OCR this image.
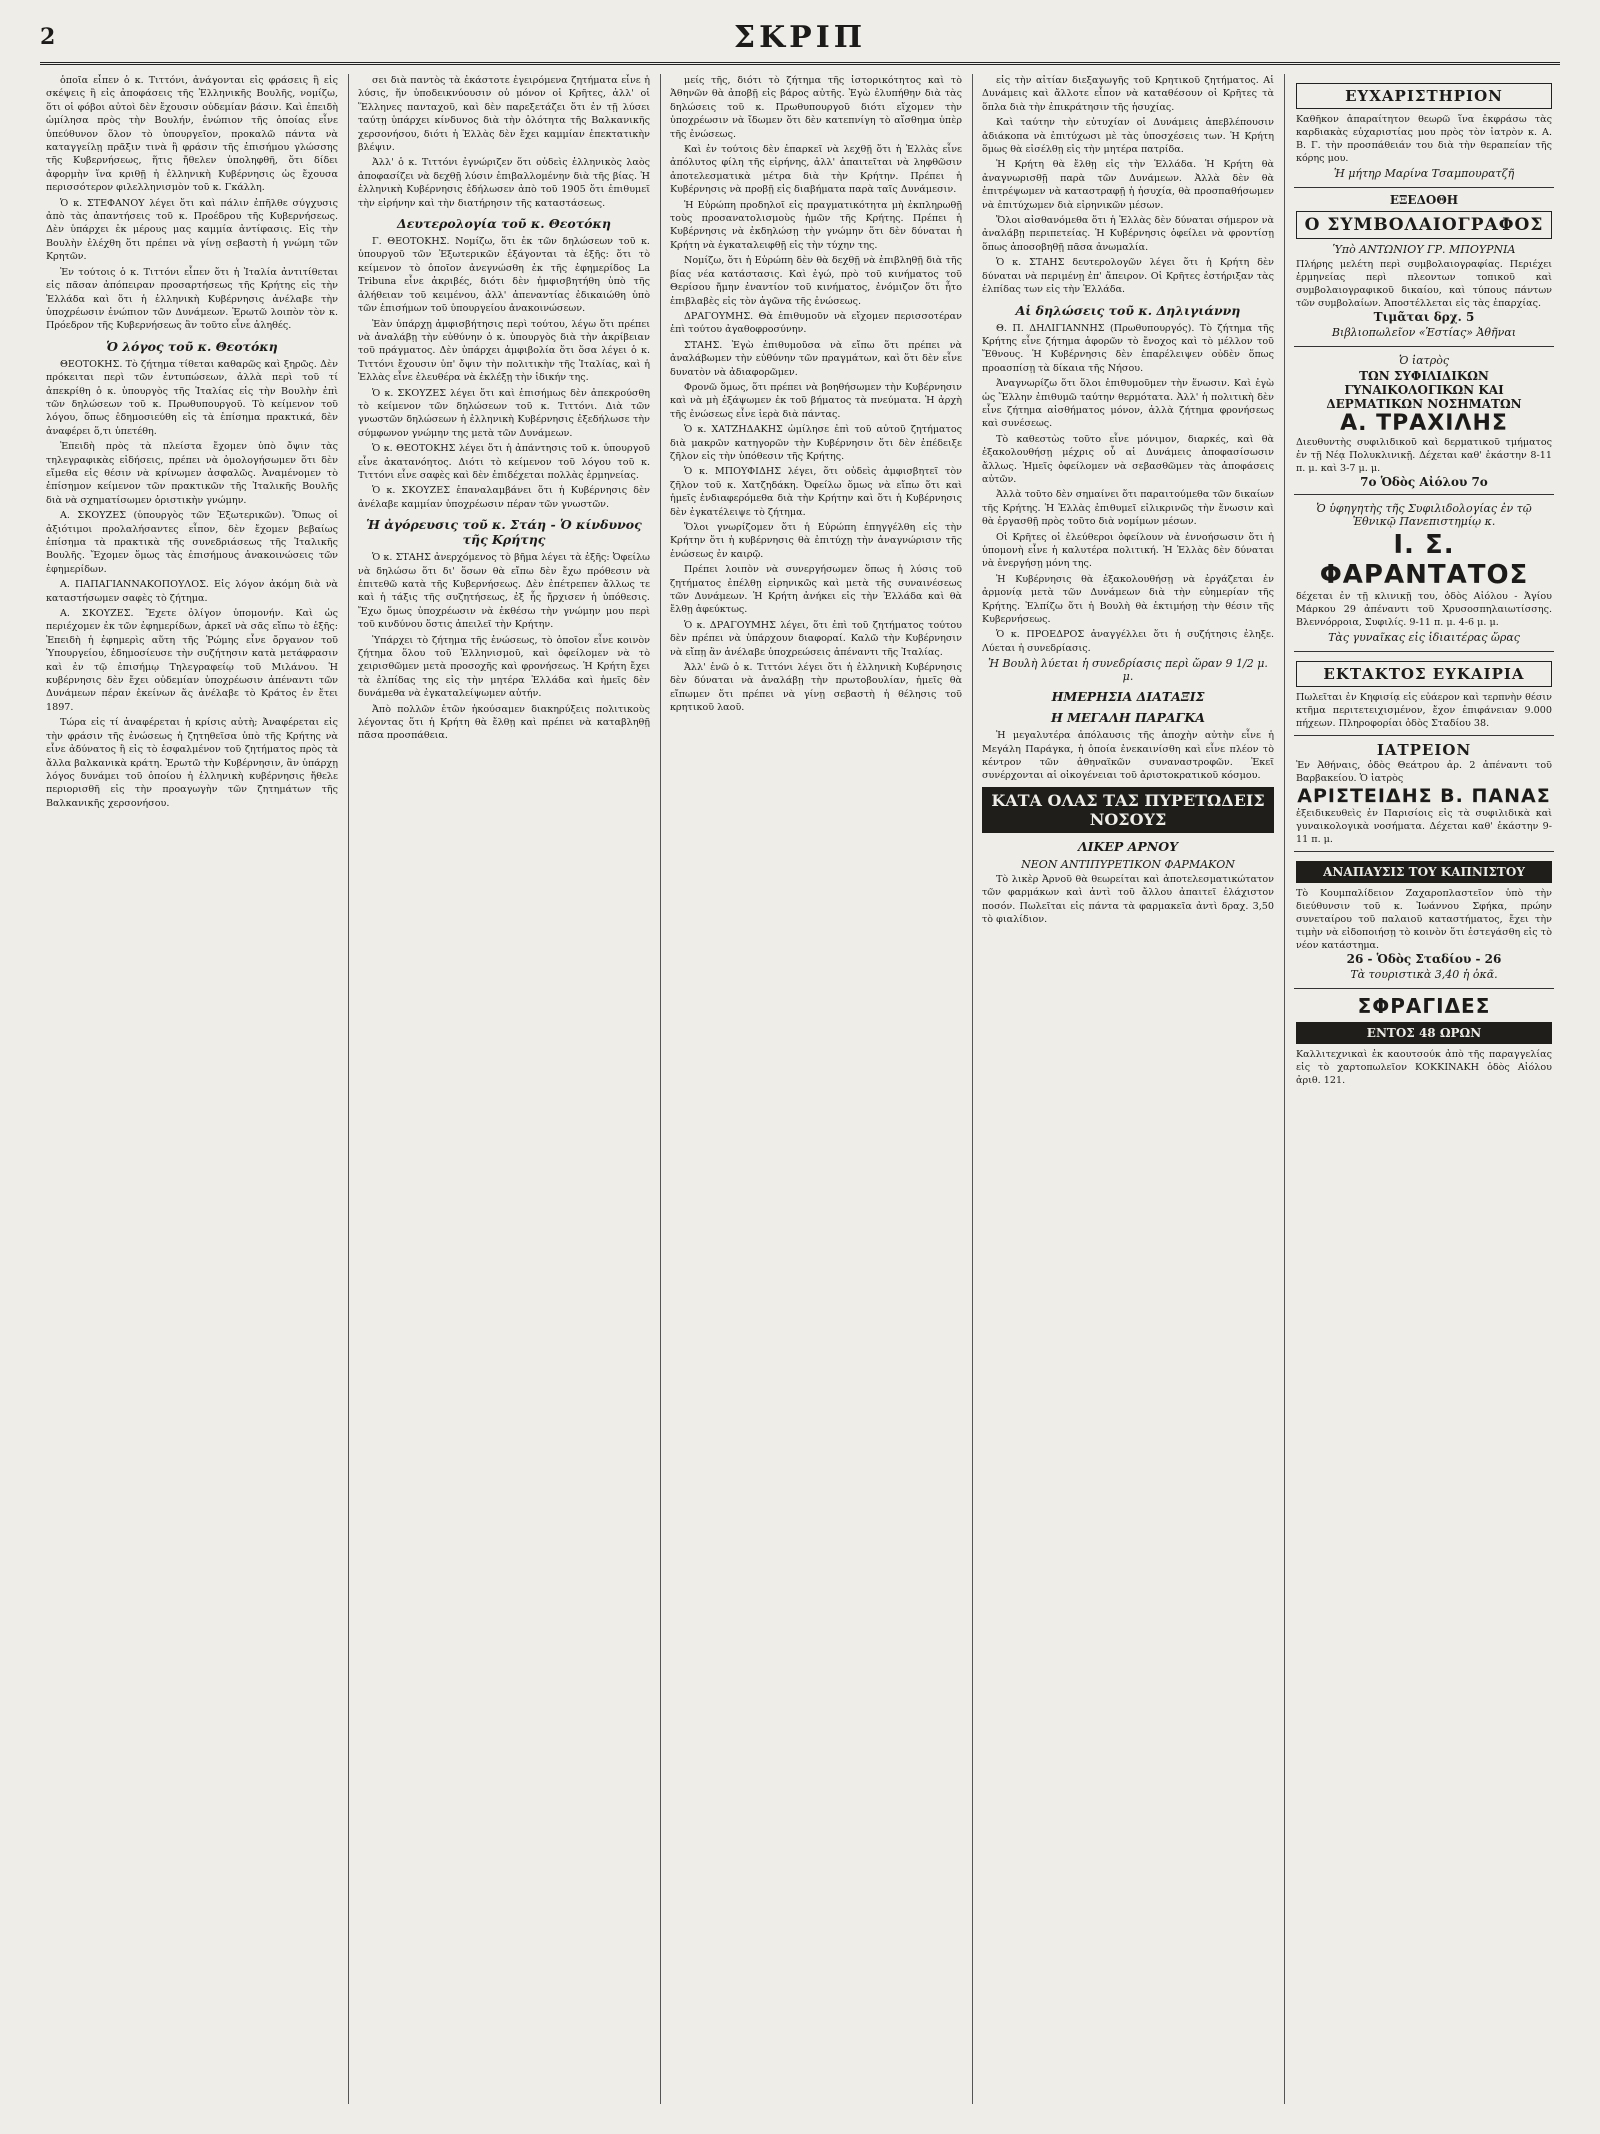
2	ΣΚΡΙΠ
ὁποῖα εἶπεν ὁ κ. Τιττόνι, ἀνάγονται εἰς φράσεις ἢ εἰς σκέψεις ἢ εἰς ἀποφάσεις τῆς Ἑλληνικῆς Βουλῆς, νομίζω, ὅτι οἱ φόβοι αὐτοὶ δὲν ἔχουσιν οὐδεμίαν βάσιν. Καὶ ἐπειδὴ ὡμίλησα πρὸς τὴν Βουλήν, ἐνώπιον τῆς ὁποίας εἶνε ὑπεύθυνον ὅλον τὸ ὑπουργεῖον, προκαλῶ πάντα νὰ καταγγείλῃ πρᾶξιν τινὰ ἢ φράσιν τῆς ἐπισήμου γλώσσης τῆς Κυβερνήσεως, ἥτις ἤθελεν ὑποληφθῆ, ὅτι δίδει ἀφορμὴν ἵνα κριθῇ ἡ ἑλληνικὴ Κυβέρνησις ὡς ἔχουσα περισσότερον φιλελληνισμὸν τοῦ κ. Γκάλλη.
Ὁ κ. ΣΤΕΦΑΝΟΥ λέγει ὅτι καὶ πάλιν ἐπῆλθε σύγχυσις ἀπὸ τὰς ἀπαντήσεις τοῦ κ. Προέδρου τῆς Κυβερνήσεως. Δὲν ὑπάρχει ἐκ μέρους μας καμμία ἀντίφασις. Εἰς τὴν Βουλὴν ἐλέχθη ὅτι πρέπει νὰ γίνῃ σεβαστὴ ἡ γνώμη τῶν Κρητῶν.
Ἐν τούτοις ὁ κ. Τιττόνι εἶπεν ὅτι ἡ Ἰταλία ἀντιτίθεται εἰς πᾶσαν ἀπόπειραν προσαρτήσεως τῆς Κρήτης εἰς τὴν Ἑλλάδα καὶ ὅτι ἡ ἑλληνικὴ Κυβέρνησις ἀνέλαβε τὴν ὑποχρέωσιν ἐνώπιον τῶν Δυνάμεων. Ἐρωτῶ λοιπὸν τὸν κ. Πρόεδρον τῆς Κυβερνήσεως ἂν τοῦτο εἶνε ἀληθές.
Ὁ λόγος τοῦ κ. Θεοτόκη
ΘΕΟΤΟΚΗΣ. Τὸ ζήτημα τίθεται καθαρῶς καὶ ξηρῶς. Δὲν πρόκειται περὶ τῶν ἐντυπώσεων, ἀλλὰ περὶ τοῦ τί ἀπεκρίθη ὁ κ. ὑπουργὸς τῆς Ἰταλίας εἰς τὴν Βουλὴν ἐπὶ τῶν δηλώσεων τοῦ κ. Πρωθυπουργοῦ. Τὸ κείμενον τοῦ λόγου, ὅπως ἐδημοσιεύθη εἰς τὰ ἐπίσημα πρακτικά, δὲν ἀναφέρει ὅ,τι ὑπετέθη.
Ἐπειδὴ πρὸς τὰ πλείστα ἔχομεν ὑπὸ ὄψιν τὰς τηλεγραφικὰς εἰδήσεις, πρέπει νὰ ὁμολογήσωμεν ὅτι δὲν εἴμεθα εἰς θέσιν νὰ κρίνωμεν ἀσφαλῶς. Ἀναμένομεν τὸ ἐπίσημον κείμενον τῶν πρακτικῶν τῆς Ἰταλικῆς Βουλῆς διὰ νὰ σχηματίσωμεν ὁριστικὴν γνώμην.
Α. ΣΚΟΥΖΕΣ (ὑπουργὸς τῶν Ἐξωτερικῶν). Ὅπως οἱ ἀξιότιμοι προλαλήσαντες εἶπον, δὲν ἔχομεν βεβαίως ἐπίσημα τὰ πρακτικὰ τῆς συνεδριάσεως τῆς Ἰταλικῆς Βουλῆς. Ἔχομεν ὅμως τὰς ἐπισήμους ἀνακοινώσεις τῶν ἐφημερίδων.
Α. ΠΑΠΑΓΙΑΝΝΑΚΟΠΟΥΛΟΣ. Εἰς λόγον ἀκόμη διὰ νὰ καταστήσωμεν σαφὲς τὸ ζήτημα.
Α. ΣΚΟΥΖΕΣ. Ἔχετε ὀλίγον ὑπομονήν. Καὶ ὡς περιέχομεν ἐκ τῶν ἐφημερίδων, ἀρκεῖ νὰ σᾶς εἴπω τὸ ἑξῆς: Ἐπειδὴ ἡ ἐφημερὶς αὕτη τῆς Ῥώμης εἶνε ὄργανον τοῦ Ὑπουργείου, ἐδημοσίευσε τὴν συζήτησιν κατὰ μετάφρασιν καὶ ἐν τῷ ἐπισήμῳ Τηλεγραφείῳ τοῦ Μιλάνου. Ἡ κυβέρνησις δὲν ἔχει οὐδεμίαν ὑποχρέωσιν ἀπέναντι τῶν Δυνάμεων πέραν ἐκείνων ἅς ἀνέλαβε τὸ Κράτος ἐν ἔτει 1897.
Τώρα εἰς τί ἀναφέρεται ἡ κρίσις αὐτὴ; Ἀναφέρεται εἰς τὴν φράσιν τῆς ἐνώσεως ἡ ζητηθεῖσα ὑπὸ τῆς Κρήτης νὰ εἶνε ἀδύνατος ἢ εἰς τὸ ἐσφαλμένον τοῦ ζητήματος πρὸς τὰ ἄλλα βαλκανικὰ κράτη. Ἐρωτῶ τὴν Κυβέρνησιν, ἂν ὑπάρχῃ λόγος δυνάμει τοῦ ὁποίου ἡ ἑλληνικὴ κυβέρνησις ἤθελε περιορισθῆ εἰς τὴν προαγωγὴν τῶν ζητημάτων τῆς Βαλκανικῆς χερσονήσου.
σει διὰ παντὸς τὰ ἐκάστοτε ἐγειρόμενα ζητήματα εἶνε ἡ λύσις, ἥν ὑποδεικνύουσιν οὐ μόνον οἱ Κρῆτες, ἀλλ' οἱ Ἕλληνες πανταχοῦ, καὶ δὲν παρεξετάζει ὅτι ἐν τῇ λύσει ταύτῃ ὑπάρχει κίνδυνος διὰ τὴν ὁλότητα τῆς Βαλκανικῆς χερσονήσου, διότι ἡ Ἑλλὰς δὲν ἔχει καμμίαν ἐπεκτατικὴν βλέψιν.
Ἀλλ' ὁ κ. Τιττόνι ἐγνώριζεν ὅτι οὐδεὶς ἑλληνικὸς λαὸς ἀποφασίζει νὰ δεχθῇ λύσιν ἐπιβαλλομένην διὰ τῆς βίας. Ἡ ἑλληνικὴ Κυβέρνησις ἐδήλωσεν ἀπὸ τοῦ 1905 ὅτι ἐπιθυμεῖ τὴν εἰρήνην καὶ τὴν διατήρησιν τῆς καταστάσεως.
Δευτερολογία τοῦ κ. Θεοτόκη
Γ. ΘΕΟΤΟΚΗΣ. Νομίζω, ὅτι ἐκ τῶν δηλώσεων τοῦ κ. ὑπουργοῦ τῶν Ἐξωτερικῶν ἐξάγονται τὰ ἑξῆς: ὅτι τὸ κείμενον τὸ ὁποῖον ἀνεγνώσθη ἐκ τῆς ἐφημερίδος La Tribuna εἶνε ἀκριβές, διότι δὲν ἠμφισβητήθη ὑπὸ τῆς ἀλήθειαν τοῦ κειμένου, ἀλλ' ἀπεναντίας ἐδικαιώθη ὑπὸ τῶν ἐπισήμων τοῦ ὑπουργείου ἀνακοινώσεων.
Ἐὰν ὑπάρχῃ ἀμφισβήτησις περὶ τούτου, λέγω ὅτι πρέπει νὰ ἀναλάβῃ τὴν εὐθύνην ὁ κ. ὑπουργὸς διὰ τὴν ἀκρίβειαν τοῦ πράγματος. Δὲν ὑπάρχει ἀμφιβολία ὅτι ὅσα λέγει ὁ κ. Τιττόνι ἔχουσιν ὑπ' ὄψιν τὴν πολιτικὴν τῆς Ἰταλίας, καὶ ἡ Ἑλλὰς εἶνε ἐλευθέρα νὰ ἐκλέξῃ τὴν ἰδικήν της.
Ὁ κ. ΣΚΟΥΖΕΣ λέγει ὅτι καὶ ἐπισήμως δὲν ἀπεκρούσθη τὸ κείμενον τῶν δηλώσεων τοῦ κ. Τιττόνι. Διὰ τῶν γνωστῶν δηλώσεων ἡ ἑλληνικὴ Κυβέρνησις ἐξεδήλωσε τὴν σύμφωνον γνώμην της μετὰ τῶν Δυνάμεων.
Ὁ κ. ΘΕΟΤΟΚΗΣ λέγει ὅτι ἡ ἀπάντησις τοῦ κ. ὑπουργοῦ εἶνε ἀκατανόητος. Διότι τὸ κείμενον τοῦ λόγου τοῦ κ. Τιττόνι εἶνε σαφὲς καὶ δὲν ἐπιδέχεται πολλὰς ἑρμηνείας.
Ὁ κ. ΣΚΟΥΖΕΣ ἐπαναλαμβάνει ὅτι ἡ Κυβέρνησις δὲν ἀνέλαβε καμμίαν ὑποχρέωσιν πέραν τῶν γνωστῶν.
Ἡ ἀγόρευσις τοῦ κ. Στάη - Ὁ κίνδυνος τῆς Κρήτης
Ὁ κ. ΣΤΑΗΣ ἀνερχόμενος τὸ βῆμα λέγει τὰ ἑξῆς: Ὀφείλω νὰ δηλώσω ὅτι δι' ὅσων θὰ εἴπω δὲν ἔχω πρόθεσιν νὰ ἐπιτεθῶ κατὰ τῆς Κυβερνήσεως. Δὲν ἐπέτρεπεν ἄλλως τε καὶ ἡ τάξις τῆς συζητήσεως, ἐξ ἧς ἤρχισεν ἡ ὑπόθεσις. Ἔχω ὅμως ὑποχρέωσιν νὰ ἐκθέσω τὴν γνώμην μου περὶ τοῦ κινδύνου ὅστις ἀπειλεῖ τὴν Κρήτην.
Ὑπάρχει τὸ ζήτημα τῆς ἐνώσεως, τὸ ὁποῖον εἶνε κοινὸν ζήτημα ὅλου τοῦ Ἑλληνισμοῦ, καὶ ὀφείλομεν νὰ τὸ χειρισθῶμεν μετὰ προσοχῆς καὶ φρονήσεως. Ἡ Κρήτη ἔχει τὰ ἐλπίδας της εἰς τὴν μητέρα Ἑλλάδα καὶ ἡμεῖς δὲν δυνάμεθα νὰ ἐγκαταλείψωμεν αὐτήν.
Ἀπὸ πολλῶν ἐτῶν ἠκούσαμεν διακηρύξεις πολιτικοὺς λέγοντας ὅτι ἡ Κρήτη θὰ ἔλθῃ καὶ πρέπει νὰ καταβληθῇ πᾶσα προσπάθεια.
μείς τῆς, διότι τὸ ζήτημα τῆς ἱστορικότητος καὶ τὸ Ἀθηνῶν θὰ ἀποβῇ εἰς βάρος αὐτῆς. Ἐγὼ ἐλυπήθην διὰ τὰς δηλώσεις τοῦ κ. Πρωθυπουργοῦ διότι εἴχομεν τὴν ὑποχρέωσιν νὰ ἴδωμεν ὅτι δὲν κατεπνίγη τὸ αἴσθημα ὑπὲρ τῆς ἐνώσεως.
Καὶ ἐν τούτοις δὲν ἐπαρκεῖ νὰ λεχθῇ ὅτι ἡ Ἑλλὰς εἶνε ἀπόλυτος φίλη τῆς εἰρήνης, ἀλλ' ἀπαιτεῖται νὰ ληφθῶσιν ἀποτελεσματικὰ μέτρα διὰ τὴν Κρήτην. Πρέπει ἡ Κυβέρνησις νὰ προβῇ εἰς διαβήματα παρὰ ταῖς Δυνάμεσιν.
Ἡ Εὐρώπη προδηλοῖ εἰς πραγματικότητα μὴ ἐκπληρωθῇ τοὺς προσανατολισμοὺς ἡμῶν τῆς Κρήτης. Πρέπει ἡ Κυβέρνησις νὰ ἐκδηλώσῃ τὴν γνώμην ὅτι δὲν δύναται ἡ Κρήτη νὰ ἐγκαταλειφθῇ εἰς τὴν τύχην της.
Νομίζω, ὅτι ἡ Εὐρώπη δὲν θὰ δεχθῇ νὰ ἐπιβληθῇ διὰ τῆς βίας νέα κατάστασις. Καὶ ἐγώ, πρὸ τοῦ κινήματος τοῦ Θερίσου ἤμην ἐναντίον τοῦ κινήματος, ἐνόμιζον ὅτι ἦτο ἐπιβλαβὲς εἰς τὸν ἀγῶνα τῆς ἐνώσεως.
ΔΡΑΓΟΥΜΗΣ. Θὰ ἐπιθυμοῦν νὰ εἴχομεν περισσοτέραν ἐπὶ τούτου ἀγαθοφροσύνην.
ΣΤΑΗΣ. Ἐγὼ ἐπιθυμοῦσα νὰ εἴπω ὅτι πρέπει νὰ ἀναλάβωμεν τὴν εὐθύνην τῶν πραγμάτων, καὶ ὅτι δὲν εἶνε δυνατὸν νὰ ἀδιαφορῶμεν.
Φρονῶ ὅμως, ὅτι πρέπει νὰ βοηθήσωμεν τὴν Κυβέρνησιν καὶ νὰ μὴ ἐξάψωμεν ἐκ τοῦ βήματος τὰ πνεύματα. Ἡ ἀρχὴ τῆς ἐνώσεως εἶνε ἱερὰ διὰ πάντας.
Ὁ κ. ΧΑΤΖΗΔΑΚΗΣ ὡμίλησε ἐπὶ τοῦ αὐτοῦ ζητήματος διὰ μακρῶν κατηγορῶν τὴν Κυβέρνησιν ὅτι δὲν ἐπέδειξε ζῆλον εἰς τὴν ὑπόθεσιν τῆς Κρήτης.
Ὁ κ. ΜΠΟΥΦΙΔΗΣ λέγει, ὅτι οὐδεὶς ἀμφισβητεῖ τὸν ζῆλον τοῦ κ. Χατζηδάκη. Ὀφείλω ὅμως νὰ εἴπω ὅτι καὶ ἡμεῖς ἐνδιαφερόμεθα διὰ τὴν Κρήτην καὶ ὅτι ἡ Κυβέρνησις δὲν ἐγκατέλειψε τὸ ζήτημα.
Ὅλοι γνωρίζομεν ὅτι ἡ Εὐρώπη ἐπηγγέλθη εἰς τὴν Κρήτην ὅτι ἡ κυβέρνησις θὰ ἐπιτύχῃ τὴν ἀναγνώρισιν τῆς ἐνώσεως ἐν καιρῷ.
Πρέπει λοιπὸν νὰ συνεργήσωμεν ὅπως ἡ λύσις τοῦ ζητήματος ἐπέλθῃ εἰρηνικῶς καὶ μετὰ τῆς συναινέσεως τῶν Δυνάμεων. Ἡ Κρήτη ἀνήκει εἰς τὴν Ἑλλάδα καὶ θὰ ἔλθῃ ἀφεύκτως.
Ὁ κ. ΔΡΑΓΟΥΜΗΣ λέγει, ὅτι ἐπὶ τοῦ ζητήματος τούτου δὲν πρέπει νὰ ὑπάρχουν διαφοραί. Καλῶ τὴν Κυβέρνησιν νὰ εἴπῃ ἂν ἀνέλαβε ὑποχρεώσεις ἀπέναντι τῆς Ἰταλίας.
Ἀλλ' ἐνῶ ὁ κ. Τιττόνι λέγει ὅτι ἡ ἑλληνικὴ Κυβέρνησις δὲν δύναται νὰ ἀναλάβῃ τὴν πρωτοβουλίαν, ἡμεῖς θὰ εἴπωμεν ὅτι πρέπει νὰ γίνῃ σεβαστὴ ἡ θέλησις τοῦ κρητικοῦ λαοῦ.
εἰς τὴν αἰτίαν διεξαγωγῆς τοῦ Κρητικοῦ ζητήματος. Αἱ Δυνάμεις καὶ ἄλλοτε εἶπον νὰ καταθέσουν οἱ Κρῆτες τὰ ὅπλα διὰ τὴν ἐπικράτησιν τῆς ἡσυχίας.
Καὶ ταύτην τὴν εὐτυχίαν οἱ Δυνάμεις ἀπεβλέπουσιν ἀδιάκοπα νὰ ἐπιτύχωσι μὲ τὰς ὑποσχέσεις των. Ἡ Κρήτη ὅμως θὰ εἰσέλθῃ εἰς τὴν μητέρα πατρίδα.
Ἡ Κρήτη θὰ ἔλθῃ εἰς τὴν Ἑλλάδα. Ἡ Κρήτη θὰ ἀναγνωρισθῇ παρὰ τῶν Δυνάμεων. Ἀλλὰ δὲν θὰ ἐπιτρέψωμεν νὰ καταστραφῇ ἡ ἡσυχία, θὰ προσπαθήσωμεν νὰ ἐπιτύχωμεν διὰ εἰρηνικῶν μέσων.
Ὅλοι αἰσθανόμεθα ὅτι ἡ Ἑλλὰς δὲν δύναται σήμερον νὰ ἀναλάβῃ περιπετείας. Ἡ Κυβέρνησις ὀφείλει νὰ φροντίσῃ ὅπως ἀποσοβηθῇ πᾶσα ἀνωμαλία.
Ὁ κ. ΣΤΑΗΣ δευτερολογῶν λέγει ὅτι ἡ Κρήτη δὲν δύναται νὰ περιμένῃ ἐπ' ἄπειρον. Οἱ Κρῆτες ἐστήριξαν τὰς ἐλπίδας των εἰς τὴν Ἑλλάδα.
Αἱ δηλώσεις τοῦ κ. Δηλιγιάννη
Θ. Π. ΔΗΛΙΓΙΑΝΝΗΣ (Πρωθυπουργός). Τὸ ζήτημα τῆς Κρήτης εἶνε ζήτημα ἀφορῶν τὸ ἔνοχος καὶ τὸ μέλλον τοῦ Ἔθνους. Ἡ Κυβέρνησις δὲν ἐπαρέλειψεν οὐδὲν ὅπως προασπίσῃ τὰ δίκαια τῆς Νήσου.
Ἀναγνωρίζω ὅτι ὅλοι ἐπιθυμοῦμεν τὴν ἕνωσιν. Καὶ ἐγὼ ὡς Ἕλλην ἐπιθυμῶ ταύτην θερμότατα. Ἀλλ' ἡ πολιτικὴ δὲν εἶνε ζήτημα αἰσθήματος μόνον, ἀλλὰ ζήτημα φρονήσεως καὶ συνέσεως.
Τὸ καθεστὼς τοῦτο εἶνε μόνιμον, διαρκές, καὶ θὰ ἐξακολουθήσῃ μέχρις οὗ αἱ Δυνάμεις ἀποφασίσωσιν ἄλλως. Ἡμεῖς ὀφείλομεν νὰ σεβασθῶμεν τὰς ἀποφάσεις αὐτῶν.
Ἀλλὰ τοῦτο δὲν σημαίνει ὅτι παραιτούμεθα τῶν δικαίων τῆς Κρήτης. Ἡ Ἑλλὰς ἐπιθυμεῖ εἰλικρινῶς τὴν ἕνωσιν καὶ θὰ ἐργασθῇ πρὸς τοῦτο διὰ νομίμων μέσων.
Οἱ Κρῆτες οἱ ἐλεύθεροι ὀφείλουν νὰ ἐννοήσωσιν ὅτι ἡ ὑπομονὴ εἶνε ἡ καλυτέρα πολιτική. Ἡ Ἑλλὰς δὲν δύναται νὰ ἐνεργήσῃ μόνη της.
Ἡ Κυβέρνησις θὰ ἐξακολουθήσῃ νὰ ἐργάζεται ἐν ἀρμονίᾳ μετὰ τῶν Δυνάμεων διὰ τὴν εὐημερίαν τῆς Κρήτης. Ἐλπίζω ὅτι ἡ Βουλὴ θὰ ἐκτιμήσῃ τὴν θέσιν τῆς Κυβερνήσεως.
Ὁ κ. ΠΡΟΕΔΡΟΣ ἀναγγέλλει ὅτι ἡ συζήτησις ἐληξε. Λύεται ἡ συνεδρίασις.
Ἡ Βουλὴ λύεται ἡ συνεδρίασις περὶ ὥραν 9 1/2 μ. μ.
ΗΜΕΡΗΣΙΑ ΔΙΑΤΑΞΙΣ
Η ΜΕΓΑΛΗ ΠΑΡΑΓΚΑ
Ἡ μεγαλυτέρα ἀπόλαυσις τῆς ἀποχὴν αὐτὴν εἶνε ἡ Μεγάλη Παράγκα, ἡ ὁποία ἐνεκαινίσθη καὶ εἶνε πλέον τὸ κέντρον τῶν ἀθηναϊκῶν συναναστροφῶν. Ἐκεῖ συνέρχονται αἱ οἰκογένειαι τοῦ ἀριστοκρατικοῦ κόσμου.
ΚΑΤΑ ΟΛΑΣ ΤΑΣ ΠΥΡΕΤΩΔΕΙΣ ΝΟΣΟΥΣ
ΛΙΚΕΡ ΑΡΝΟΥ
ΝΕΟΝ ΑΝΤΙΠΥΡΕΤΙΚΟΝ ΦΑΡΜΑΚΟΝ
Τὸ λικὲρ Ἀρνοῦ θὰ θεωρείται καὶ ἀποτελεσματικώτατον τῶν φαρμάκων καὶ ἀντὶ τοῦ ἄλλου ἀπαιτεῖ ἐλάχιστον ποσόν. Πωλεῖται εἰς πάντα τὰ φαρμακεῖα ἀντὶ δραχ. 3,50 τὸ φιαλίδιον.
ΕΥΧΑΡΙΣΤΗΡΙΟΝ
Καθῆκον ἀπαραίτητον θεωρῶ ἵνα ἐκφράσω τὰς καρδιακὰς εὐχαριστίας μου πρὸς τὸν ἰατρὸν κ. Α. Β. Γ. τὴν προσπάθειάν του διὰ τὴν θεραπείαν τῆς κόρης μου.
Ἡ μήτηρ Μαρίνα Τσαμπουρατζῆ
ΕΞΕΔΟΘΗ
Ο ΣΥΜΒΟΛΑΙΟΓΡΑΦΟΣ
Ὑπὸ ΑΝΤΩΝΙΟΥ ΓΡ. ΜΠΟΥΡΝΙΑ
Πλήρης μελέτη περὶ συμβολαιογραφίας. Περιέχει ἑρμηνείας περὶ πλεοντων τοπικοῦ καὶ συμβολαιογραφικοῦ δικαίου, καὶ τύπους πάντων τῶν συμβολαίων. Ἀποστέλλεται εἰς τὰς ἐπαρχίας.
Τιμᾶται δρχ. 5
Βιβλιοπωλεῖον «Ἑστίας» Ἀθῆναι
Ὁ ἰατρὸς
ΤΩΝ ΣΥΦΙΛΙΔΙΚΩΝ ΓΥΝΑΙΚΟΛΟΓΙΚΩΝ ΚΑΙ ΔΕΡΜΑΤΙΚΩΝ ΝΟΣΗΜΑΤΩΝ
Α. ΤΡΑΧΙΛΗΣ
Διευθυντὴς συφιλιδικοῦ καὶ δερματικοῦ τμήματος ἐν τῇ Νέᾳ Πολυκλινικῇ. Δέχεται καθ' ἑκάστην 8-11 π. μ. καὶ 3-7 μ. μ.
7ο Ὁδὸς Αἰόλου 7ο
Ὁ ὑφηγητὴς τῆς Συφιλιδολογίας ἐν τῷ Ἐθνικῷ Πανεπιστημίῳ κ.
Ι. Σ. ΦΑΡΑΝΤΑΤΟΣ
δέχεται ἐν τῇ κλινικῇ του, ὁδὸς Αἰόλου - Ἀγίου Μάρκου 29 ἀπέναντι τοῦ Χρυσοσπηλαιωτίσσης. Βλεννόρροια, Συφιλίς. 9-11 π. μ. 4-6 μ. μ.
Τὰς γυναῖκας εἰς ἰδιαιτέρας ὥρας
ΕΚΤΑΚΤΟΣ ΕΥΚΑΙΡΙΑ
Πωλεῖται ἐν Κηφισίᾳ εἰς εὐάερον καὶ τερπνὴν θέσιν κτῆμα περιτετειχισμένον, ἔχον ἐπιφάνειαν 9.000 πήχεων. Πληροφορίαι ὁδὸς Σταδίου 38.
ΙΑΤΡΕΙΟΝ
Ἐν Ἀθήναις, ὁδὸς Θεάτρου ἀρ. 2 ἀπέναντι τοῦ Βαρβακείου. Ὁ ἰατρὸς
ΑΡΙΣΤΕΙΔΗΣ Β. ΠΑΝΑΣ
ἐξειδικευθεὶς ἐν Παρισίοις εἰς τὰ συφιλιδικὰ καὶ γυναικολογικὰ νοσήματα. Δέχεται καθ' ἑκάστην 9-11 π. μ.
ΑΝΑΠΑΥΣΙΣ ΤΟΥ ΚΑΠΝΙΣΤΟΥ
Τὸ Κουμπαλίδειον Ζαχαροπλαστεῖον ὑπὸ τὴν διεύθυνσιν τοῦ κ. Ἰωάννου Σφήκα, πρώην συνεταίρου τοῦ παλαιοῦ καταστήματος, ἔχει τὴν τιμὴν νὰ εἰδοποιήσῃ τὸ κοινὸν ὅτι ἐστεγάσθη εἰς τὸ νέον κατάστημα.
26 - Ὁδὸς Σταδίου - 26
Τὰ τουριστικὰ 3,40 ἡ ὀκᾶ.
ΣΦΡΑΓΙΔΕΣ
ΕΝΤΟΣ 48 ΩΡΩΝ
Καλλιτεχνικαὶ ἐκ καουτσούκ ἀπὸ τῆς παραγγελίας εἰς τὸ χαρτοπωλεῖον ΚΟΚΚΙΝΑΚΗ ὁδὸς Αἰόλου ἀριθ. 121.
